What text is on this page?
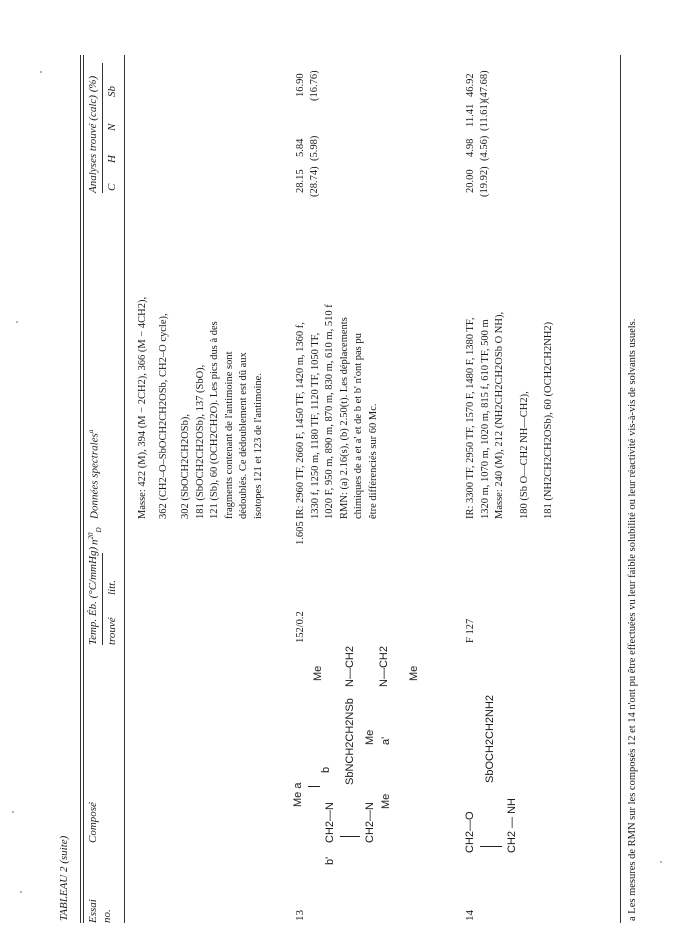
TABLEAU 2 (suite) Essai no.
Composé
Temp. Éb. (°C/mmHg) trouvé
litt.
$n^{20}_D$
Données spectrales$^a$
Analyses trouvé (calc) (%) C
H
N
Sb
Masse: 422 (M), 394 (M − 2CH2), 366 (M − 4CH2), 362 (CH2–O–SbOCH2CH2OSb, CH2–O cycle), 302 (SbOCH2CH2OSb), 181 (SbOCH2CH2OSb), 137 (SbO), 121 (Sb), 60 (OCH2CH2O). Les pics dus à des fragments contenant de l'antimoine sont dédoublés. Ce dédoublement est dû aux isotopes 121 et 123 de l'antimoine.
13
Me a
CH2—N
b'
CH2—N
b SbNCH2CH2NSb Me a'
Me
N—CH2 N—CH2
Me	Me
152/0.2
1.605
IR: 2960 TF, 2660 F, 1450 TF, 1420 m, 1360 f, 1330 f, 1250 m, 1180 TF, 1120 TF, 1050 TF, 1020 F, 950 m, 890 m, 870 m, 830 m, 610 m, 510 f RMN: (a) 2.16(s), (b) 2.50(t). Les déplacements chimiques de a et a' et de b et b' n'ont pas pu être différenciés sur 60 Mc.
28.15 (28.74)
5.84 (5.98)
16.90 (16.76)
14
CH2—O
SbOCH2CH2NH2
CH2 — NH
F 127
IR: 3300 TF, 2950 TF, 1570 F, 1480 F, 1380 TF, 1320 m, 1070 m, 1020 m, 815 f, 610 TF, 500 m Masse: 240 (M), 212 (NH2CH2CH2OSb O NH), 180 (Sb O—CH2 NH—CH2), 181 (NH2CH2CH2OSb), 60 (OCH2CH2NH2)
20.00 (19.92)
4.98 (4.56)
11.41 (11.61)
46.92 (47.68)
a Les mesures de RMN sur les composés 12 et 14 n'ont pu être effectuées vu leur faible solubilité ou leur réactivité vis-à-vis de solvants usuels.
